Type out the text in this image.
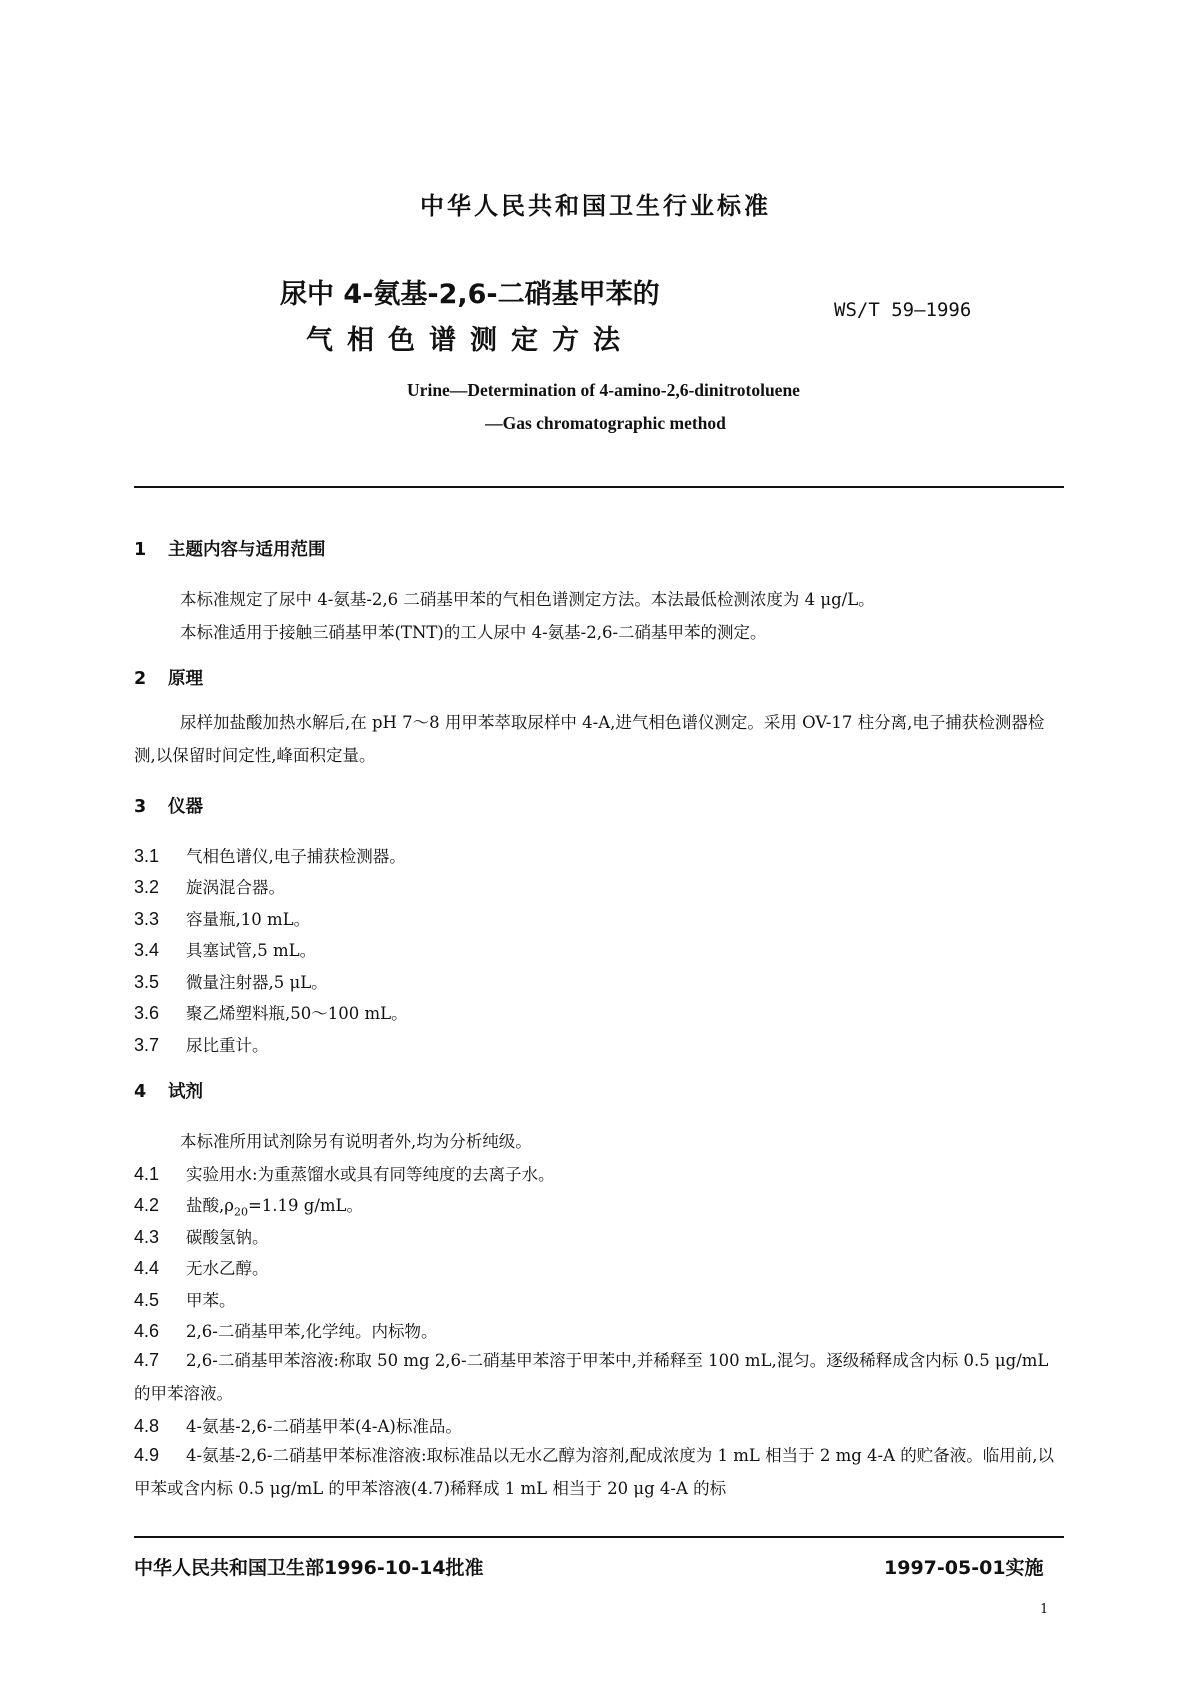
中华人民共和国卫生行业标准
尿中 4-氨基-2,6-二硝基甲苯的
气相色谱测定方法
WS/T 59—1996
Urine—Determination of 4-amino-2,6-dinitrotoluene
—Gas chromatographic method
1 主题内容与适用范围
本标准规定了尿中 4-氨基-2,6 二硝基甲苯的气相色谱测定方法。本法最低检测浓度为 4 μg/L。
本标准适用于接触三硝基甲苯(TNT)的工人尿中 4-氨基-2,6-二硝基甲苯的测定。
2 原理
尿样加盐酸加热水解后,在 pH 7～8 用甲苯萃取尿样中 4-A,进气相色谱仪测定。采用 OV-17 柱分离,电子捕获检测器检测,以保留时间定性,峰面积定量。
3 仪器
3.1 气相色谱仪,电子捕获检测器。
3.2 旋涡混合器。
3.3 容量瓶,10 mL。
3.4 具塞试管,5 mL。
3.5 微量注射器,5 μL。
3.6 聚乙烯塑料瓶,50～100 mL。
3.7 尿比重计。
4 试剂
本标准所用试剂除另有说明者外,均为分析纯级。
4.1 实验用水:为重蒸馏水或具有同等纯度的去离子水。
4.2 盐酸$,\rho_{20}=1.19$ g/mL。
4.3 碳酸氢钠。
4.4 无水乙醇。
4.5 甲苯。
4.6 2,6-二硝基甲苯,化学纯。内标物。
4.7 2,6-二硝基甲苯溶液:称取 50 mg 2,6-二硝基甲苯溶于甲苯中,并稀释至 100 mL,混匀。逐级稀释成含内标 0.5 μg/mL 的甲苯溶液。
4.8 4-氨基-2,6-二硝基甲苯(4-A)标准品。
4.9 4-氨基-2,6-二硝基甲苯标准溶液:取标准品以无水乙醇为溶剂,配成浓度为 1 mL 相当于 2 mg 4-A 的贮备液。临用前,以甲苯或含内标 0.5 μg/mL 的甲苯溶液(4.7)稀释成 1 mL 相当于 20 μg 4-A 的标
中华人民共和国卫生部1996-10-14批准	1997-05-01实施
1
